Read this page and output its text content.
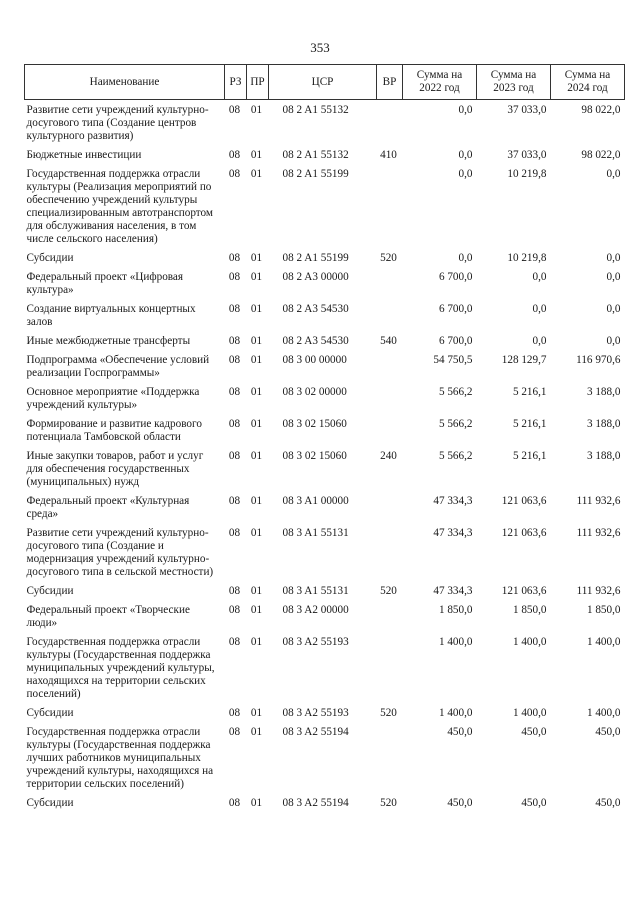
353
Наименование	РЗ	ПР	ЦСР	ВР	Сумма на 2022 год	Сумма на 2023 год	Сумма на 2024 год
Развитие сети учреждений культурно-досугового типа (Создание центров культурного развития)	08	01	08 2 A1 55132		0,0	37 033,0	98 022,0
Бюджетные инвестиции	08	01	08 2 A1 55132	410	0,0	37 033,0	98 022,0
Государственная поддержка отрасли культуры (Реализация мероприятий по обеспечению учреждений культуры специализированным автотранспортом для обслуживания населения, в том числе сельского населения)	08	01	08 2 A1 55199		0,0	10 219,8	0,0
Субсидии	08	01	08 2 A1 55199	520	0,0	10 219,8	0,0
Федеральный проект «Цифровая культура»	08	01	08 2 A3 00000		6 700,0	0,0	0,0
Создание виртуальных концертных залов	08	01	08 2 A3 54530		6 700,0	0,0	0,0
Иные межбюджетные трансферты	08	01	08 2 A3 54530	540	6 700,0	0,0	0,0
Подпрограмма «Обеспечение условий реализации Госпрограммы»	08	01	08 3 00 00000		54 750,5	128 129,7	116 970,6
Основное мероприятие «Поддержка учреждений культуры»	08	01	08 3 02 00000		5 566,2	5 216,1	3 188,0
Формирование и развитие кадрового потенциала Тамбовской области	08	01	08 3 02 15060		5 566,2	5 216,1	3 188,0
Иные закупки товаров, работ и услуг для обеспечения государственных (муниципальных) нужд	08	01	08 3 02 15060	240	5 566,2	5 216,1	3 188,0
Федеральный проект «Культурная среда»	08	01	08 3 A1 00000		47 334,3	121 063,6	111 932,6
Развитие сети учреждений культурно-досугового типа (Создание и модернизация учреждений культурно-досугового типа в сельской местности)	08	01	08 3 A1 55131		47 334,3	121 063,6	111 932,6
Субсидии	08	01	08 3 A1 55131	520	47 334,3	121 063,6	111 932,6
Федеральный проект «Творческие люди»	08	01	08 3 A2 00000		1 850,0	1 850,0	1 850,0
Государственная поддержка отрасли культуры (Государственная поддержка муниципальных учреждений культуры, находящихся на территории сельских поселений)	08	01	08 3 A2 55193		1 400,0	1 400,0	1 400,0
Субсидии	08	01	08 3 A2 55193	520	1 400,0	1 400,0	1 400,0
Государственная поддержка отрасли культуры (Государственная поддержка лучших работников муниципальных учреждений культуры, находящихся на территории сельских поселений)	08	01	08 3 A2 55194		450,0	450,0	450,0
Субсидии	08	01	08 3 A2 55194	520	450,0	450,0	450,0
